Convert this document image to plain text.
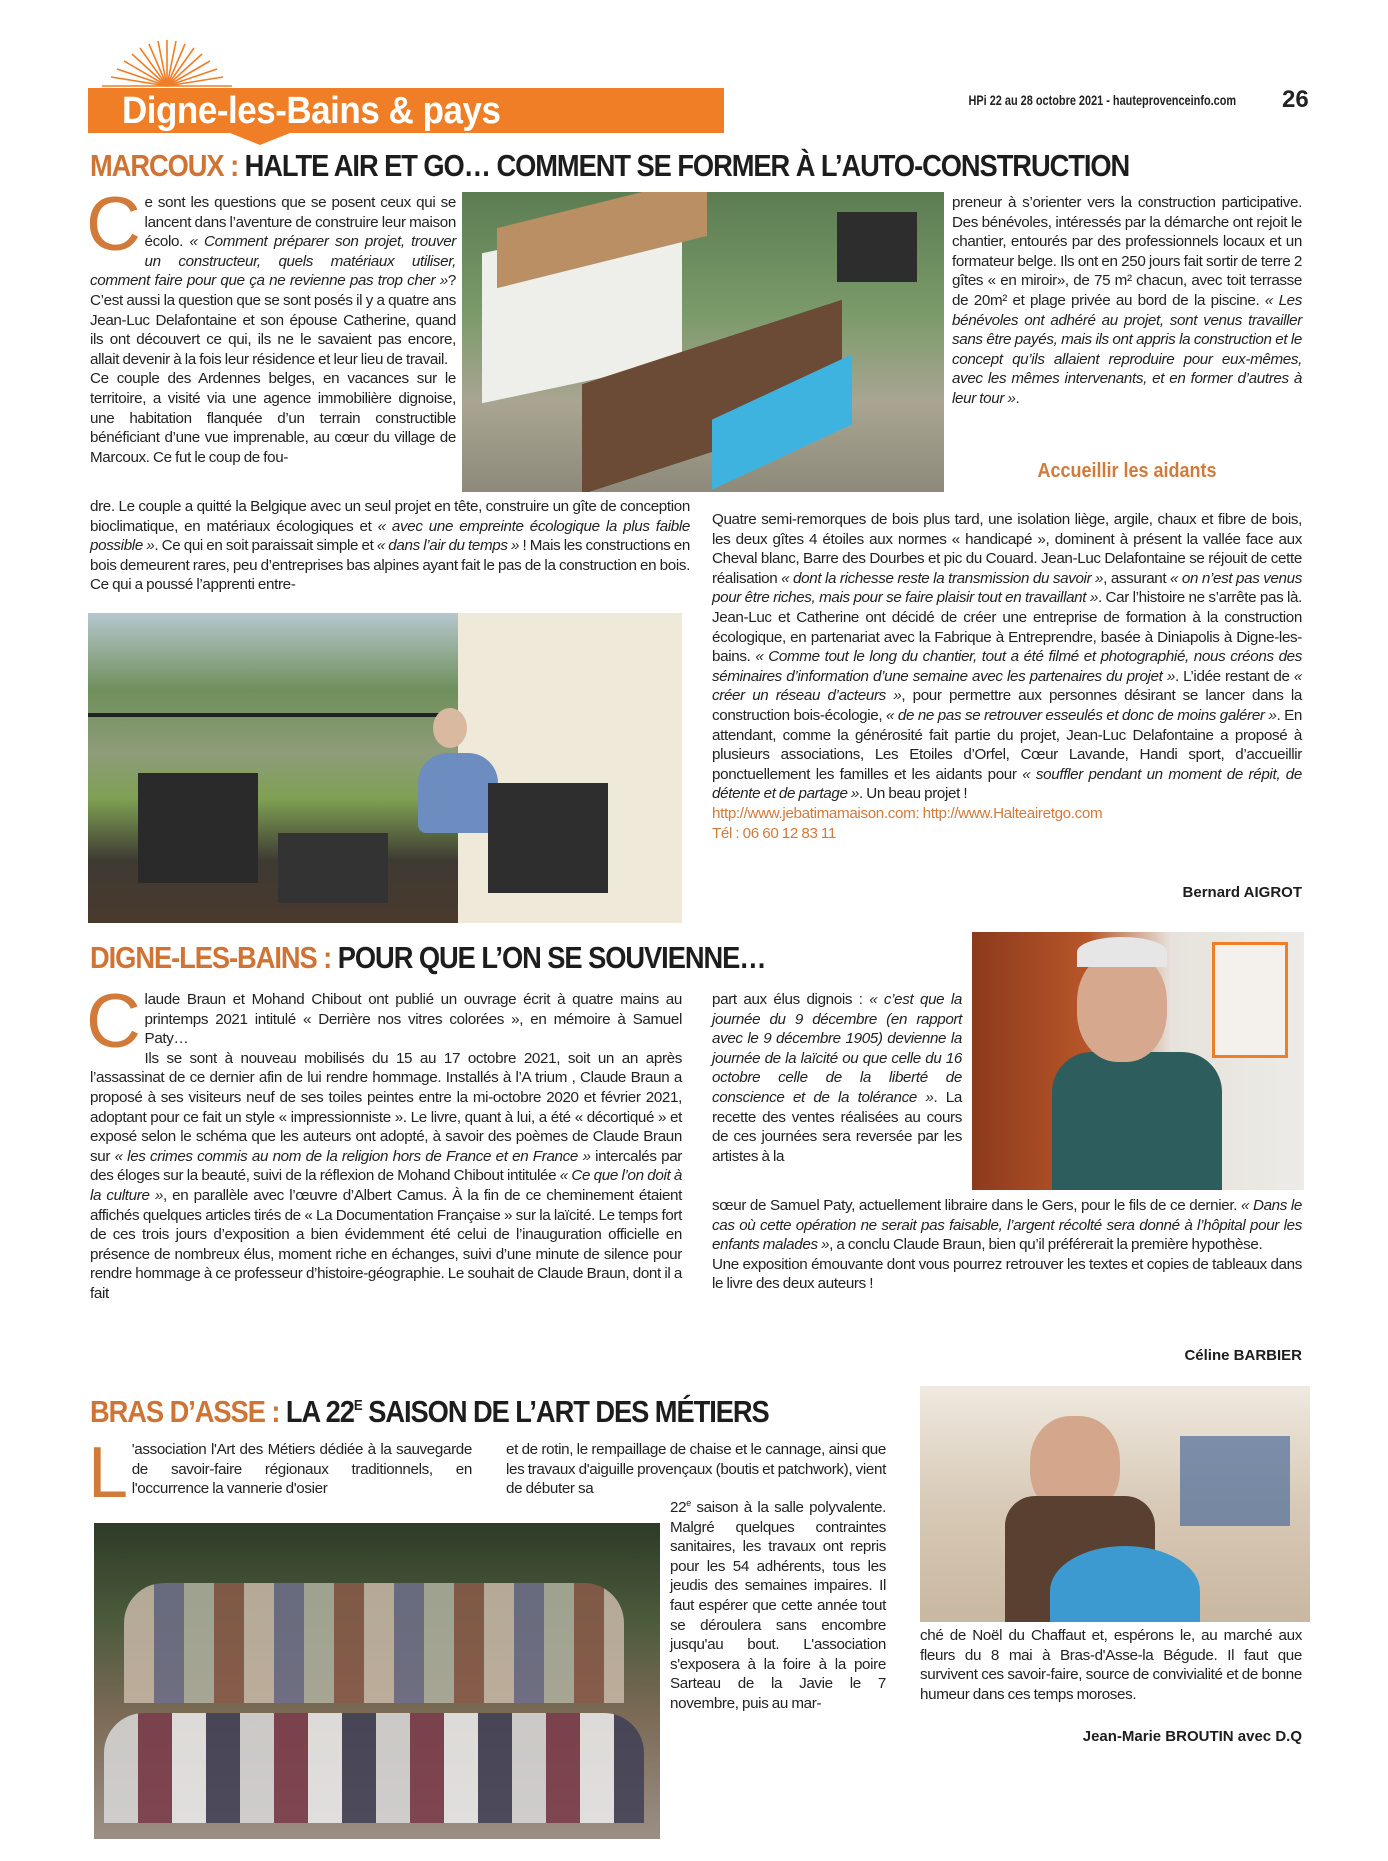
Digne-les-Bains & pays	HPi 22 au 28 octobre 2021 - hauteprovenceinfo.com 26
MARCOUX : HALTE AIR ET GO… COMMENT SE FORMER À L’AUTO-CONSTRUCTION
C e sont les questions que se posent ceux qui se lancent dans l’aventure de construire leur maison écolo. « Comment préparer son projet, trouver un constructeur, quels matériaux utiliser, comment faire pour que ça ne revienne pas trop cher »? C’est aussi la question que se sont posés il y a quatre ans Jean-Luc Delafontaine et son épouse Catherine, quand ils ont découvert ce qui, ils ne le savaient pas encore, allait devenir à la fois leur résidence et leur lieu de travail.

Ce couple des Ardennes belges, en vacances sur le territoire, a visité via une agence immobilière dignoise, une habitation flanquée d’un terrain constructible bénéficiant d’une vue imprenable, au cœur du village de Marcoux. Ce fut le coup de fou-

preneur à s’orienter vers la construction participative. Des bénévoles, intéressés par la démarche ont rejoit le chantier, entourés par des professionnels locaux et un formateur belge. Ils ont en 250 jours fait sortir de terre 2 gîtes « en miroir», de 75 m² chacun, avec toit terrasse de 20m² et plage privée au bord de la piscine. « Les bénévoles ont adhéré au projet, sont venus travailler sans être payés, mais ils ont appris la construction et le concept qu’ils allaient reproduire pour eux-mêmes, avec les mêmes intervenants, et en former d’autres à leur tour ».

Accueillir les aidants

dre. Le couple a quitté la Belgique avec un seul projet en tête, construire un gîte de conception bioclimatique, en matériaux écologiques et « avec une empreinte écologique la plus faible possible ». Ce qui en soit paraissait simple et « dans l’air du temps » ! Mais les constructions en bois demeurent rares, peu d’entreprises bas alpines ayant fait le pas de la construction en bois. Ce qui a poussé l’apprenti entre-

Quatre semi-remorques de bois plus tard, une isolation liège, argile, chaux et fibre de bois, les deux gîtes 4 étoiles aux normes « handicapé », dominent à présent la vallée face aux Cheval blanc, Barre des Dourbes et pic du Couard. Jean-Luc Delafontaine se réjouit de cette réalisation « dont la richesse reste la transmission du savoir », assurant « on n’est pas venus pour être riches, mais pour se faire plaisir tout en travaillant ». Car l’histoire ne s’arrête pas là. Jean-Luc et Catherine ont décidé de créer une entreprise de formation à la construction écologique, en partenariat avec la Fabrique à Entreprendre, basée à Diniapolis à Digne-les-bains. « Comme tout le long du chantier, tout a été filmé et photographié, nous créons des séminaires d’information d’une semaine avec les partenaires du projet ». L’idée restant de « créer un réseau d’acteurs », pour permettre aux personnes désirant se lancer dans la construction bois-écologie, « de ne pas se retrouver esseulés et donc de moins galérer ». En attendant, comme la générosité fait partie du projet, Jean-Luc Delafontaine a proposé à plusieurs associations, Les Etoiles d’Orfel, Cœur Lavande, Handi sport, d’accueillir ponctuellement les familles et les aidants pour « souffler pendant un moment de répit, de détente et de partage ». Un beau projet !

http://www.jebatimamaison.com: http://www.Halteairetgo.com

Tél : 06 60 12 83 11

Bernard AIGROT
DIGNE-LES-BAINS : POUR QUE L’ON SE SOUVIENNE…
C laude Braun et Mohand Chibout ont publié un ouvrage écrit à quatre mains au printemps 2021 intitulé « Derrière nos vitres colorées », en mémoire à Samuel Paty…

Ils se sont à nouveau mobilisés du 15 au 17 octobre 2021, soit un an après l’assassinat de ce dernier afin de lui rendre hommage. Installés à l’A trium , Claude Braun a proposé à ses visiteurs neuf de ses toiles peintes entre la mi-octobre 2020 et février 2021, adoptant pour ce fait un style « impressionniste ». Le livre, quant à lui, a été « décortiqué » et exposé selon le schéma que les auteurs ont adopté, à savoir des poèmes de Claude Braun sur « les crimes commis au nom de la religion hors de France et en France » intercalés par des éloges sur la beauté, suivi de la réflexion de Mohand Chibout intitulée « Ce que l’on doit à la culture », en parallèle avec l’œuvre d’Albert Camus. À la fin de ce cheminement étaient affichés quelques articles tirés de « La Documentation Française » sur la laïcité. Le temps fort de ces trois jours d’exposition a bien évidemment été celui de l’inauguration officielle en présence de nombreux élus, moment riche en échanges, suivi d’une minute de silence pour rendre hommage à ce professeur d’histoire-géographie. Le souhait de Claude Braun, dont il a fait

part aux élus dignois : « c’est que la journée du 9 décembre (en rapport avec le 9 décembre 1905) devienne la journée de la laïcité ou que celle du 16 octobre celle de la liberté de conscience et de la tolérance ». La recette des ventes réalisées au cours de ces journées sera reversée par les artistes à la

sœur de Samuel Paty, actuellement libraire dans le Gers, pour le fils de ce dernier. « Dans le cas où cette opération ne serait pas faisable, l’argent récolté sera donné à l’hôpital pour les enfants malades », a conclu Claude Braun, bien qu’il préférerait la première hypothèse.

Une exposition émouvante dont vous pourrez retrouver les textes et copies de tableaux dans le livre des deux auteurs !

Céline BARBIER
BRAS D’ASSE : LA $22^E$ SAISON DE L’ART DES MÉTIERS
L 'association l'Art des Métiers dédiée à la sauvegarde de savoir-faire régionaux traditionnels, en l'occurrence la vannerie d'osier

et de rotin, le rempaillage de chaise et le cannage, ainsi que les travaux d'aiguille provençaux (boutis et patchwork), vient de débuter sa

22e saison à la salle polyvalente. Malgré quelques contraintes sanitaires, les travaux ont repris pour les 54 adhérents, tous les jeudis des semaines impaires. Il faut espérer que cette année tout se déroulera sans encombre jusqu'au bout. L'association s'exposera à la foire à la poire Sarteau de la Javie le 7 novembre, puis au mar-

ché de Noël du Chaffaut et, espérons le, au marché aux fleurs du 8 mai à Bras-d'Asse-la Bégude. Il faut que survivent ces savoir-faire, source de convivialité et de bonne humeur dans ces temps moroses.

Jean-Marie BROUTIN avec D.Q
